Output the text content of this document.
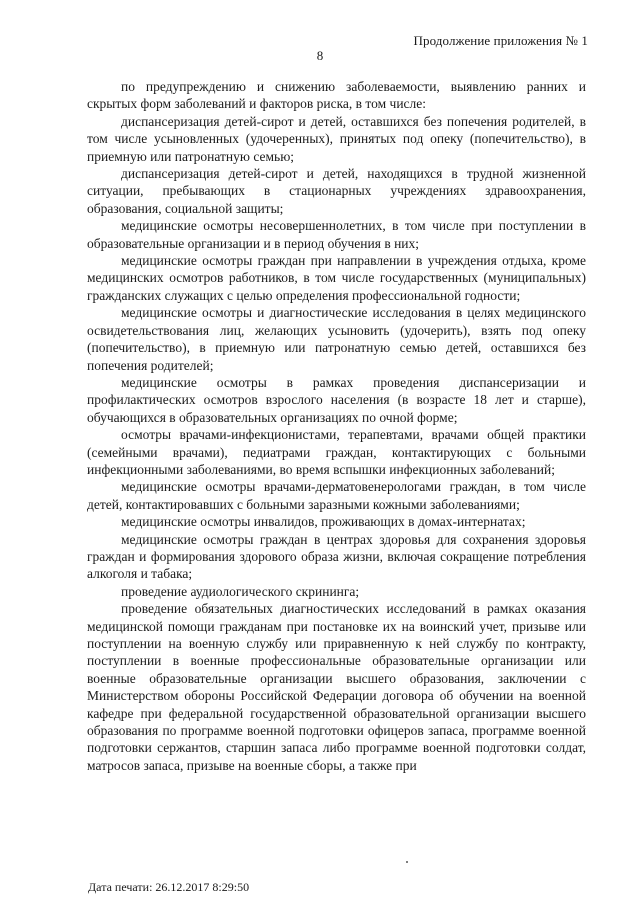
Продолжение приложения № 1
8

по предупреждению и снижению заболеваемости, выявлению ранних и скрытых форм заболеваний и факторов риска, в том числе:

диспансеризация детей-сирот и детей, оставшихся без попечения родителей, в том числе усыновленных (удочеренных), принятых под опеку (попечительство), в приемную или патронатную семью;

диспансеризация детей-сирот и детей, находящихся в трудной жизненной ситуации, пребывающих в стационарных учреждениях здравоохранения, образования, социальной защиты;

медицинские осмотры несовершеннолетних, в том числе при поступлении в образовательные организации и в период обучения в них;

медицинские осмотры граждан при направлении в учреждения отдыха, кроме медицинских осмотров работников, в том числе государственных (муниципальных) гражданских служащих с целью определения профессиональной годности;

медицинские осмотры и диагностические исследования в целях медицинского освидетельствования лиц, желающих усыновить (удочерить), взять под опеку (попечительство), в приемную или патронатную семью детей, оставшихся без попечения родителей;

медицинские осмотры в рамках проведения диспансеризации и профилактических осмотров взрослого населения (в возрасте 18 лет и старше), обучающихся в образовательных организациях по очной форме;

осмотры врачами-инфекционистами, терапевтами, врачами общей практики (семейными врачами), педиатрами граждан, контактирующих с больными инфекционными заболеваниями, во время вспышки инфекционных заболеваний;

медицинские осмотры врачами-дерматовенерологами граждан, в том числе детей, контактировавших с больными заразными кожными заболеваниями;

медицинские осмотры инвалидов, проживающих в домах-интернатах;

медицинские осмотры граждан в центрах здоровья для сохранения здоровья граждан и формирования здорового образа жизни, включая сокращение потребления алкоголя и табака;

проведение аудиологического скрининга;

проведение обязательных диагностических исследований в рамках оказания медицинской помощи гражданам при постановке их на воинский учет, призыве или поступлении на военную службу или приравненную к ней службу по контракту, поступлении в военные профессиональные образовательные организации или военные образовательные организации высшего образования, заключении с Министерством обороны Российской Федерации договора об обучении на военной кафедре при федеральной государственной образовательной организации высшего образования по программе военной подготовки офицеров запаса, программе военной подготовки сержантов, старшин запаса либо программе военной подготовки солдат, матросов запаса, призыве на военные сборы, а также при

Дата печати: 26.12.2017 8:29:50
